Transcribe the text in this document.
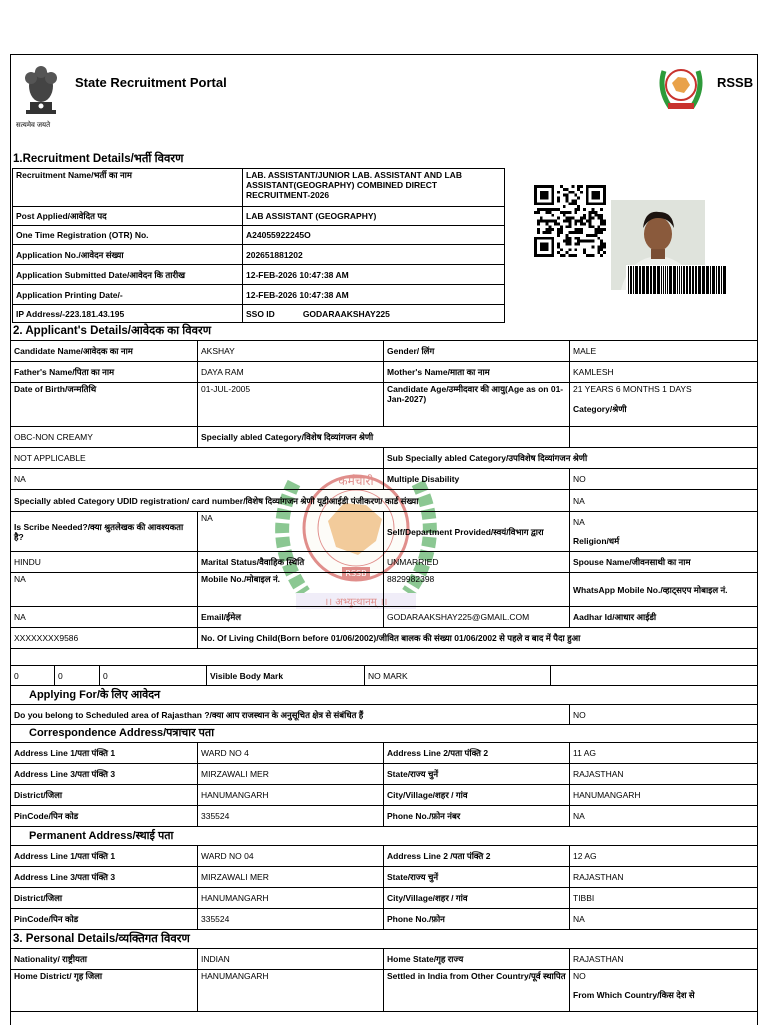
सत्यमेव जयते
State Recruitment Portal	RSSB
1.Recruitment Details/भर्ती विवरण
Recruitment Name/भर्ती का नाम	LAB. ASSISTANT/JUNIOR LAB. ASSISTANT AND LAB ASSISTANT(GEOGRAPHY) COMBINED DIRECT RECRUITMENT-2026
Post Applied/आवेदित पद	LAB ASSISTANT (GEOGRAPHY)
One Time Registration (OTR) No.	A24055922245O
Application No./आवेदन संख्या	202651881202
Application Submitted Date/आवेदन कि तारीख	12-FEB-2026 10:47:38 AM
Application Printing Date/-	12-FEB-2026 10:47:38 AM
IP Address/-223.181.43.195	SSO ID GODARAAKSHAY225
2. Applicant's Details/आवेदक का विवरण
कर्मचारी
RSSB
।। अभ्युत्थानम् ।।
Candidate Name/आवेदक का नाम	AKSHAY	Gender/ लिंग	MALE
Father's Name/पिता का नाम	DAYA RAM	Mother's Name/माता का नाम	KAMLESH
Date of Birth/जन्मतिथि	01-JUL-2005	Candidate Age/उम्मीदवार की आयु(Age as on 01-Jan-2027)	21 YEARS 6 MONTHS 1 DAYS
Category/श्रेणी

OBC-NON CREAMY	Specially abled Category/विशेष दिव्यांगजन श्रेणी		
NOT APPLICABLE		Sub Specially abled Category/उपविशेष दिव्यांगजन श्रेणी	
NA		Multiple Disability	NO
Specially abled Category UDID registration/ card number/विशेष दिव्यांगजन श्रेणी यूडीआईडी पंजीकरण/ कार्ड संख्या			NA
Is Scribe Needed?/क्या श्रुतलेखक की आवश्यकता है?	NA	Self/Department Provided/स्वयं/विभाग द्वारा	NA
Religion/धर्म

HINDU	Marital Status/वैवाहिक स्थिति	UNMARRIED	Spouse Name/जीवनसाथी का नाम
NA	Mobile No./मोबाइल नं.	8829982398	WhatsApp Mobile No./व्हाट्सएप मोबाइल नं.
NA	Email/ईमेल	GODARAAKSHAY225@GMAIL.COM	Aadhar Id/आधार आईडी
XXXXXXXX9586	No. Of Living Child(Born before 01/06/2002)/जीवित बालक की संख्या 01/06/2002 से पहले व बाद में पैदा हुआ		
0	0	0	Visible Body Mark	NO MARK	
Applying For/के लिए आवेदन
Do you belong to Scheduled area of Rajasthan ?/क्या आप राजस्थान के अनुसूचित क्षेत्र से संबंधित हैं	NO
Correspondence Address/पत्राचार पता
Address Line 1/पता पंक्ति 1	WARD NO 4	Address Line 2/पता पंक्ति 2	11 AG
Address Line 3/पता पंक्ति 3	MIRZAWALI MER	State/राज्य चुनें	RAJASTHAN
District/जिला	HANUMANGARH	City/Village/शहर / गांव	HANUMANGARH
PinCode/पिन कोड	335524	Phone No./फ़ोन नंबर	NA
Permanent Address/स्थाई पता
Address Line 1/पता पंक्ति 1	WARD NO 04	Address Line 2 /पता पंक्ति 2	12 AG
Address Line 3/पता पंक्ति 3	MIRZAWALI MER	State/राज्य चुनें	RAJASTHAN
District/जिला	HANUMANGARH	City/Village/शहर / गांव	TIBBI
PinCode/पिन कोड	335524	Phone No./फ़ोन	NA
3. Personal Details/व्यक्तिगत विवरण
Nationality/ राष्ट्रीयता	INDIAN	Home State/गृह राज्य	RAJASTHAN
Home District/ गृह जिला	HANUMANGARH	Settled in India from Other Country/पूर्व स्थापित	NO
From Which Country/किस देश से
